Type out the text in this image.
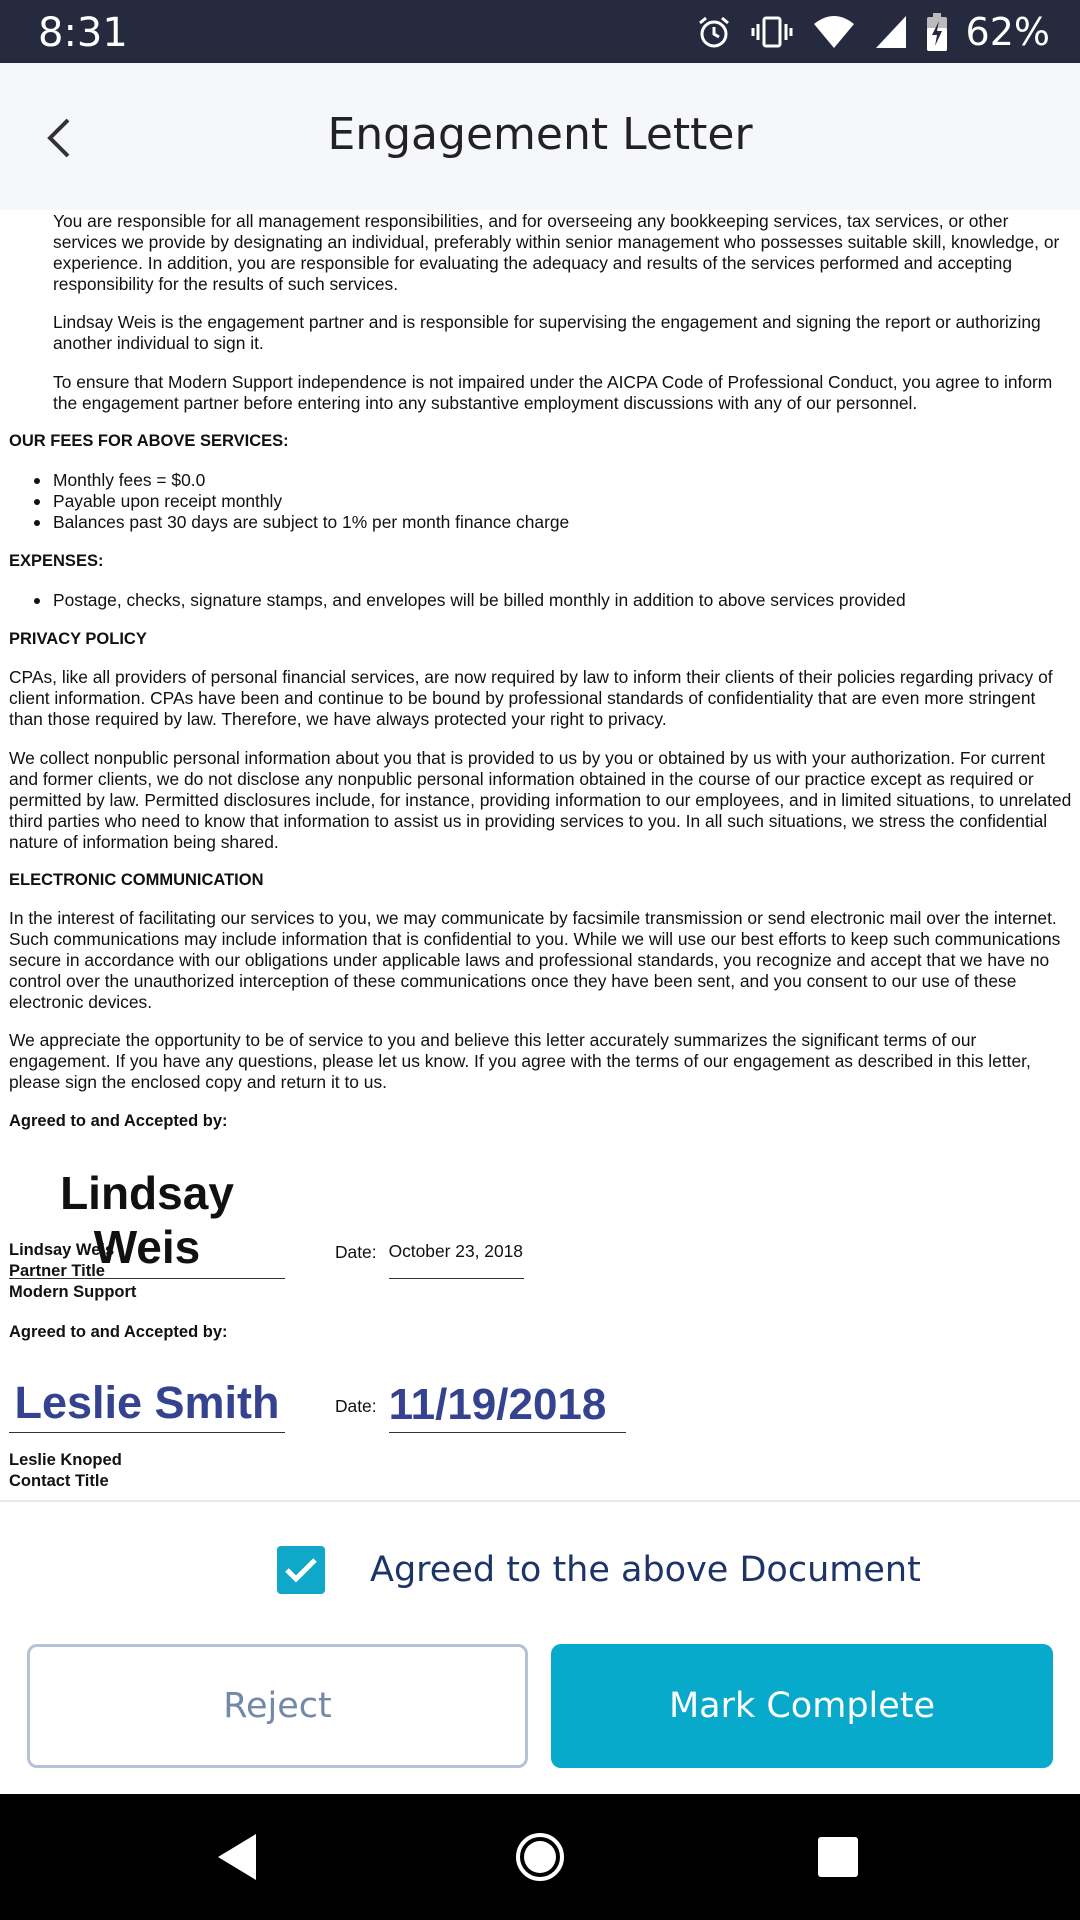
8:31	62%
Engagement Letter

You are responsible for all management responsibilities, and for overseeing any bookkeeping services, tax services, or other services we provide by designating an individual, preferably within senior management who possesses suitable skill, knowledge, or experience. In addition, you are responsible for evaluating the adequacy and results of the services performed and accepting responsibility for the results of such services.

Lindsay Weis is the engagement partner and is responsible for supervising the engagement and signing the report or authorizing another individual to sign it.

To ensure that Modern Support independence is not impaired under the AICPA Code of Professional Conduct, you agree to inform the engagement partner before entering into any substantive employment discussions with any of our personnel.

OUR FEES FOR ABOVE SERVICES:

Monthly fees = $0.0
Payable upon receipt monthly
Balances past 30 days are subject to 1% per month finance charge

EXPENSES:

Postage, checks, signature stamps, and envelopes will be billed monthly in addition to above services provided

PRIVACY POLICY

CPAs, like all providers of personal financial services, are now required by law to inform their clients of their policies regarding privacy of client information. CPAs have been and continue to be bound by professional standards of confidentiality that are even more stringent than those required by law. Therefore, we have always protected your right to privacy.

We collect nonpublic personal information about you that is provided to us by you or obtained by us with your authorization. For current and former clients, we do not disclose any nonpublic personal information obtained in the course of our practice except as required or permitted by law. Permitted disclosures include, for instance, providing information to our employees, and in limited situations, to unrelated third parties who need to know that information to assist us in providing services to you. In all such situations, we stress the confidential nature of information being shared.

ELECTRONIC COMMUNICATION

In the interest of facilitating our services to you, we may communicate by facsimile transmission or send electronic mail over the internet. Such communications may include information that is confidential to you. While we will use our best efforts to keep such communications secure in accordance with our obligations under applicable laws and professional standards, you recognize and accept that we have no control over the unauthorized interception of these communications once they have been sent, and you consent to our use of these electronic devices.

We appreciate the opportunity to be of service to you and believe this letter accurately summarizes the significant terms of our engagement. If you have any questions, please let us know. If you agree with the terms of our engagement as described in this letter, please sign the enclosed copy and return it to us.

Agreed to and Accepted by:

Lindsay Weis	Date: October 23, 2018
Lindsay Weis
Partner Title
Modern Support

Agreed to and Accepted by:

Leslie Smith	Date: 11/19/2018
Leslie Knoped
Contact Title
Agreed to the above Document
Reject	Mark Complete
